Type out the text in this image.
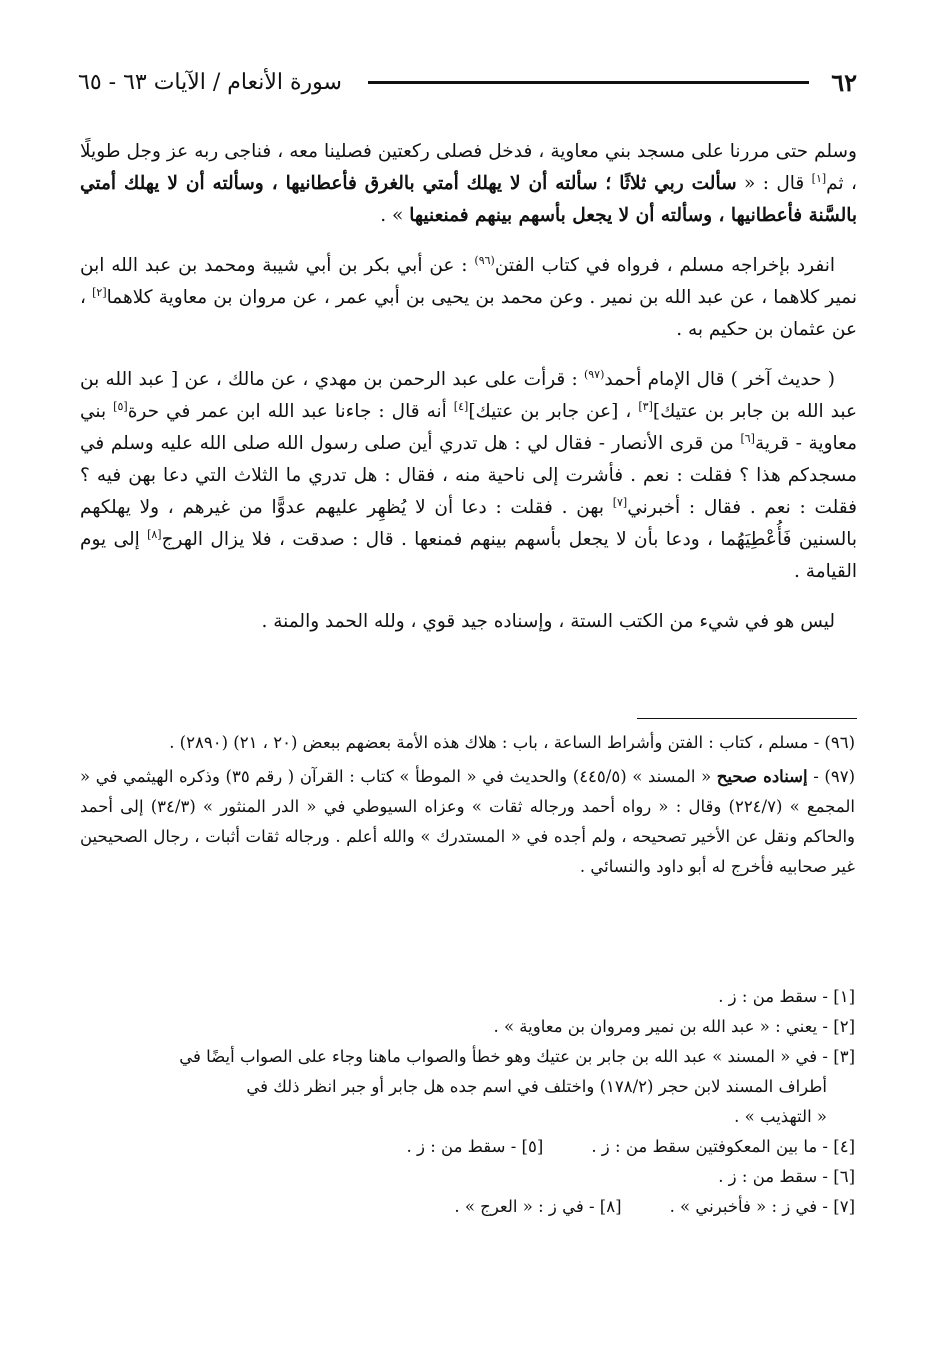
٦٢
سورة الأنعام / الآيات ٦٣ - ٦٥

وسلم حتى مررنا على مسجد بني معاوية ، فدخل فصلى ركعتين فصلينا معه ، فناجى ربه عز وجل طويلًا ، ثم[١] قال : « سألت ربي ثلاثًا ؛ سألته أن لا يهلك أمتي بالغرق فأعطانيها ، وسألته أن لا يهلك أمتي بالسَّنة فأعطانيها ، وسألته أن لا يجعل بأسهم بينهم فمنعنيها » .

انفرد بإخراجه مسلم ، فرواه في كتاب الفتن$^{(٩٦)}$ : عن أبي بكر بن أبي شيبة ومحمد بن عبد الله ابن نمير كلاهما ، عن عبد الله بن نمير . وعن محمد بن يحيى بن أبي عمر ، عن مروان بن معاوية كلاهما[٢] ، عن عثمان بن حكيم به .

( حديث آخر ) قال الإمام أحمد$^{(٩٧)}$ : قرأت على عبد الرحمن بن مهدي ، عن مالك ، عن [ عبد الله بن عبد الله بن جابر بن عتيك][٣] ، [عن جابر بن عتيك][٤] أنه قال : جاءنا عبد الله ابن عمر في حرة[٥] بني معاوية - قرية[٦] من قرى الأنصار - فقال لي : هل تدري أين صلى رسول الله صلى الله عليه وسلم في مسجدكم هذا ؟ فقلت : نعم . فأشرت إلى ناحية منه ، فقال : هل تدري ما الثلاث التي دعا بهن فيه ؟ فقلت : نعم . فقال : أخبرني[٧] بهن . فقلت : دعا أن لا يُظهِر عليهم عدوًّا من غيرهم ، ولا يهلكهم بالسنين فَأُعْطِيَهُما ، ودعا بأن لا يجعل بأسهم بينهم فمنعها . قال : صدقت ، فلا يزال الهرج[٨] إلى يوم القيامة .

ليس هو في شيء من الكتب الستة ، وإسناده جيد قوي ، ولله الحمد والمنة .

(٩٦) - مسلم ، كتاب : الفتن وأشراط الساعة ، باب : هلاك هذه الأمة بعضهم ببعض (٢٠ ، ٢١) (٢٨٩٠) .

(٩٧) - إسناده صحيح « المسند » (٤٤٥/٥) والحديث في « الموطأ » كتاب : القرآن ( رقم ٣٥) وذكره الهيثمي في « المجمع » (٢٢٤/٧) وقال : « رواه أحمد ورجاله ثقات » وعزاه السيوطي في « الدر المنثور » (٣٤/٣) إلى أحمد والحاكم ونقل عن الأخير تصحيحه ، ولم أجده في « المستدرك » والله أعلم . ورجاله ثقات أثبات ، رجال الصحيحين غير صحابيه فأخرج له أبو داود والنسائي .

[١] - سقط من : ز .
[٢] - يعني : « عبد الله بن نمير ومروان بن معاوية » .
[٣] - في « المسند » عبد الله بن جابر بن عتيك وهو خطأ والصواب ماهنا وجاء على الصواب أيضًا في
أطراف المسند لابن حجر (١٧٨/٢) واختلف في اسم جده هل جابر أو جبر انظر ذلك في
« التهذيب » .
[٤] - ما بين المعكوفتين سقط من : ز .
[٥] - سقط من : ز .
[٦] - سقط من : ز .
[٧] - في ز : « فأخبرني » .
[٨] - في ز : « العرج » .
